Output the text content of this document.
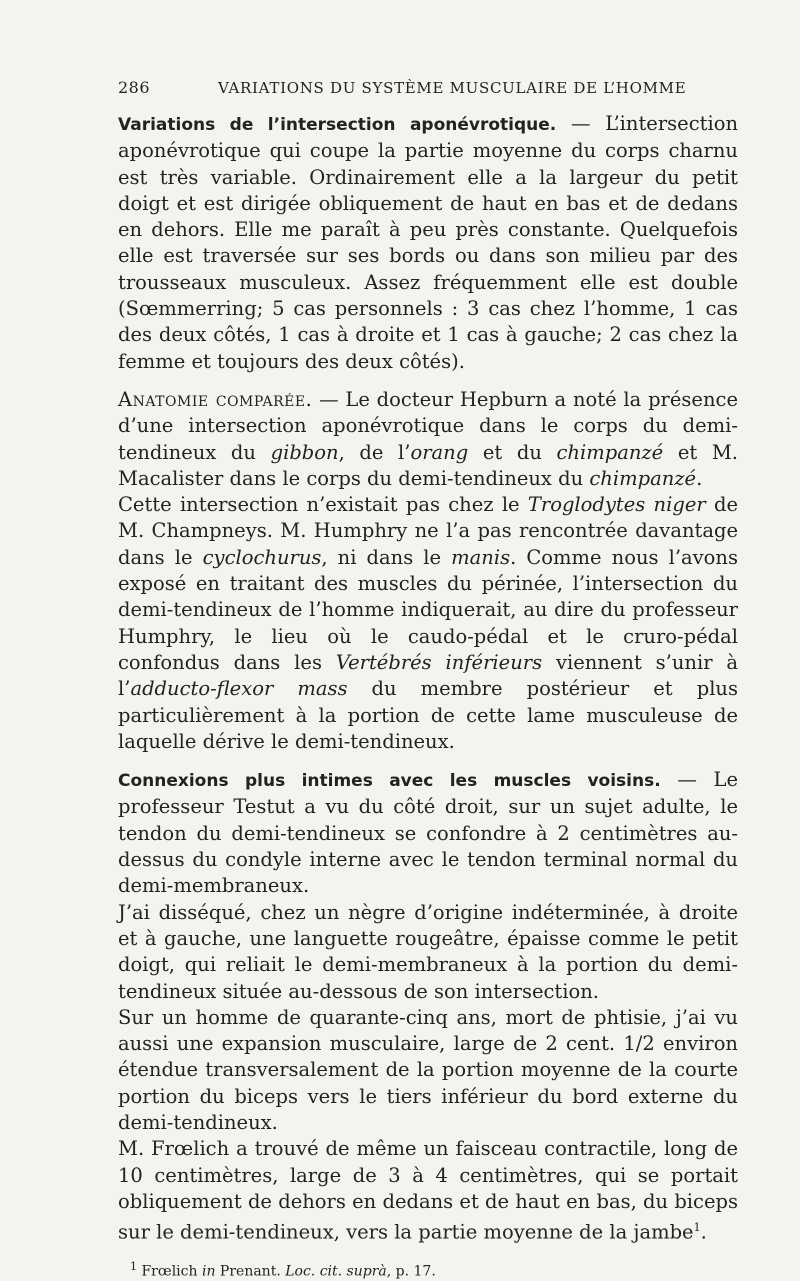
286	VARIATIONS DU SYSTÈME MUSCULAIRE DE L’HOMME

Variations de l’intersection aponévrotique. — L’intersection aponévrotique qui coupe la partie moyenne du corps charnu est très variable. Ordinairement elle a la largeur du petit doigt et est dirigée obliquement de haut en bas et de dedans en dehors. Elle me paraît à peu près constante. Quelquefois elle est traversée sur ses bords ou dans son milieu par des trousseaux musculeux. Assez fréquemment elle est double (Sœmmerring; 5 cas personnels : 3 cas chez l’homme, 1 cas des deux côtés, 1 cas à droite et 1 cas à gauche; 2 cas chez la femme et toujours des deux côtés).

Anatomie comparée. — Le docteur Hepburn a noté la présence d’une intersection aponévrotique dans le corps du demi-tendineux du gibbon, de l’orang et du chimpanzé et M. Macalister dans le corps du demi-tendineux du chimpanzé.

Cette intersection n’existait pas chez le Troglodytes niger de M. Champneys. M. Humphry ne l’a pas rencontrée davantage dans le cyclochurus, ni dans le manis. Comme nous l’avons exposé en traitant des muscles du périnée, l’intersection du demi-tendineux de l’homme indiquerait, au dire du professeur Humphry, le lieu où le caudo-pédal et le cruro-pédal confondus dans les Vertébrés inférieurs viennent s’unir à l’adducto-flexor mass du membre postérieur et plus particulièrement à la portion de cette lame musculeuse de laquelle dérive le demi-tendineux.

Connexions plus intimes avec les muscles voisins. — Le professeur Testut a vu du côté droit, sur un sujet adulte, le tendon du demi-tendineux se confondre à 2 centimètres au-dessus du condyle interne avec le tendon terminal normal du demi-membraneux.

J’ai disséqué, chez un nègre d’origine indéterminée, à droite et à gauche, une languette rougeâtre, épaisse comme le petit doigt, qui reliait le demi-membraneux à la portion du demi-tendineux située au-dessous de son intersection.

Sur un homme de quarante-cinq ans, mort de phtisie, j’ai vu aussi une expansion musculaire, large de 2 cent. 1/2 environ étendue transversalement de la portion moyenne de la courte portion du biceps vers le tiers inférieur du bord externe du demi-tendineux.

M. Frœlich a trouvé de même un faisceau contractile, long de 10 centimètres, large de 3 à 4 centimètres, qui se portait obliquement de dehors en dedans et de haut en bas, du biceps sur le demi-tendineux, vers la partie moyenne de la jambe$^1$.

$^1$ Frœlich in Prenant. Loc. cit. suprà, p. 17.
